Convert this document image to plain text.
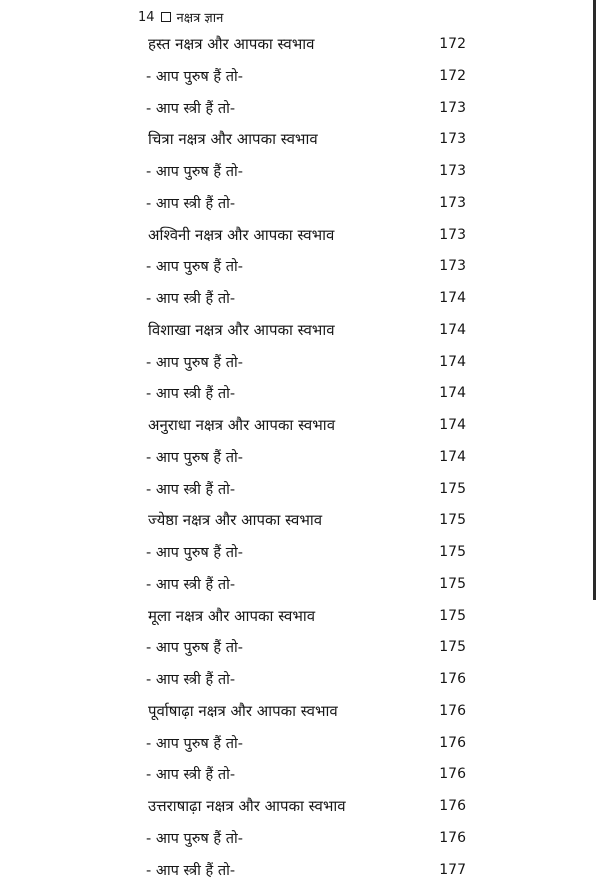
14 नक्षत्र ज्ञान
हस्त नक्षत्र और आपका स्वभाव	172
- आप पुरुष हैं तो-	172
- आप स्त्री हैं तो-	173
चित्रा नक्षत्र और आपका स्वभाव	173
- आप पुरुष हैं तो-	173
- आप स्त्री हैं तो-	173
अश्विनी नक्षत्र और आपका स्वभाव	173
- आप पुरुष हैं तो-	173
- आप स्त्री हैं तो-	174
विशाखा नक्षत्र और आपका स्वभाव	174
- आप पुरुष हैं तो-	174
- आप स्त्री हैं तो-	174
अनुराधा नक्षत्र और आपका स्वभाव	174
- आप पुरुष हैं तो-	174
- आप स्त्री हैं तो-	175
ज्येष्ठा नक्षत्र और आपका स्वभाव	175
- आप पुरुष हैं तो-	175
- आप स्त्री हैं तो-	175
मूला नक्षत्र और आपका स्वभाव	175
- आप पुरुष हैं तो-	175
- आप स्त्री हैं तो-	176
पूर्वाषाढ़ा नक्षत्र और आपका स्वभाव	176
- आप पुरुष हैं तो-	176
- आप स्त्री हैं तो-	176
उत्तराषाढ़ा नक्षत्र और आपका स्वभाव	176
- आप पुरुष हैं तो-	176
- आप स्त्री हैं तो-	177
